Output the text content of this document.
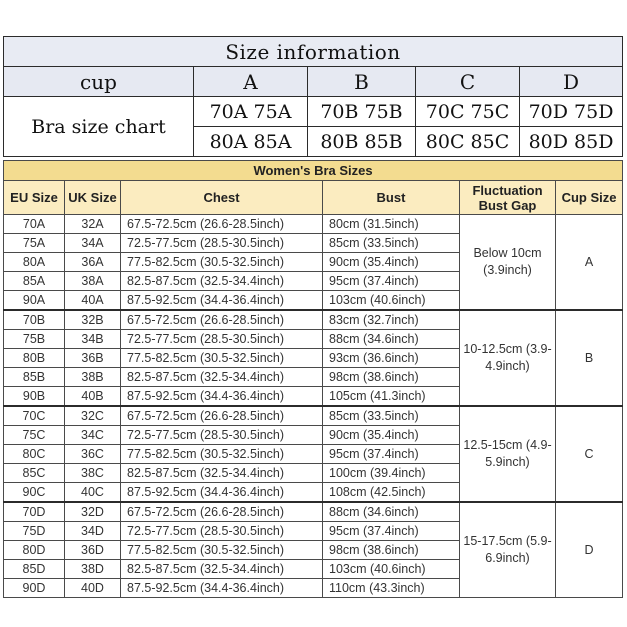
Size information				
cup	A	B	C	D
Bra size chart	70A 75A	70B 75B	70C 75C	70D 75D
	80A 85A	80B 85B	80C 85C	80D 85D
Women's Bra Sizes					
EU Size	UK Size	Chest	Bust	Fluctuation Bust Gap	Cup Size
70A	32A	67.5-72.5cm (26.6-28.5inch)	80cm (31.5inch)	Below 10cm (3.9inch)	A
75A	34A	72.5-77.5cm (28.5-30.5inch)	85cm (33.5inch)		
80A	36A	77.5-82.5cm (30.5-32.5inch)	90cm (35.4inch)		
85A	38A	82.5-87.5cm (32.5-34.4inch)	95cm (37.4inch)		
90A	40A	87.5-92.5cm (34.4-36.4inch)	103cm (40.6inch)		
70B	32B	67.5-72.5cm (26.6-28.5inch)	83cm (32.7inch)	10-12.5cm (3.9-4.9inch)	B
75B	34B	72.5-77.5cm (28.5-30.5inch)	88cm (34.6inch)		
80B	36B	77.5-82.5cm (30.5-32.5inch)	93cm (36.6inch)		
85B	38B	82.5-87.5cm (32.5-34.4inch)	98cm (38.6inch)		
90B	40B	87.5-92.5cm (34.4-36.4inch)	105cm (41.3inch)		
70C	32C	67.5-72.5cm (26.6-28.5inch)	85cm (33.5inch)	12.5-15cm (4.9-5.9inch)	C
75C	34C	72.5-77.5cm (28.5-30.5inch)	90cm (35.4inch)		
80C	36C	77.5-82.5cm (30.5-32.5inch)	95cm (37.4inch)		
85C	38C	82.5-87.5cm (32.5-34.4inch)	100cm (39.4inch)		
90C	40C	87.5-92.5cm (34.4-36.4inch)	108cm (42.5inch)		
70D	32D	67.5-72.5cm (26.6-28.5inch)	88cm (34.6inch)	15-17.5cm (5.9-6.9inch)	D
75D	34D	72.5-77.5cm (28.5-30.5inch)	95cm (37.4inch)		
80D	36D	77.5-82.5cm (30.5-32.5inch)	98cm (38.6inch)		
85D	38D	82.5-87.5cm (32.5-34.4inch)	103cm (40.6inch)		
90D	40D	87.5-92.5cm (34.4-36.4inch)	110cm (43.3inch)		
